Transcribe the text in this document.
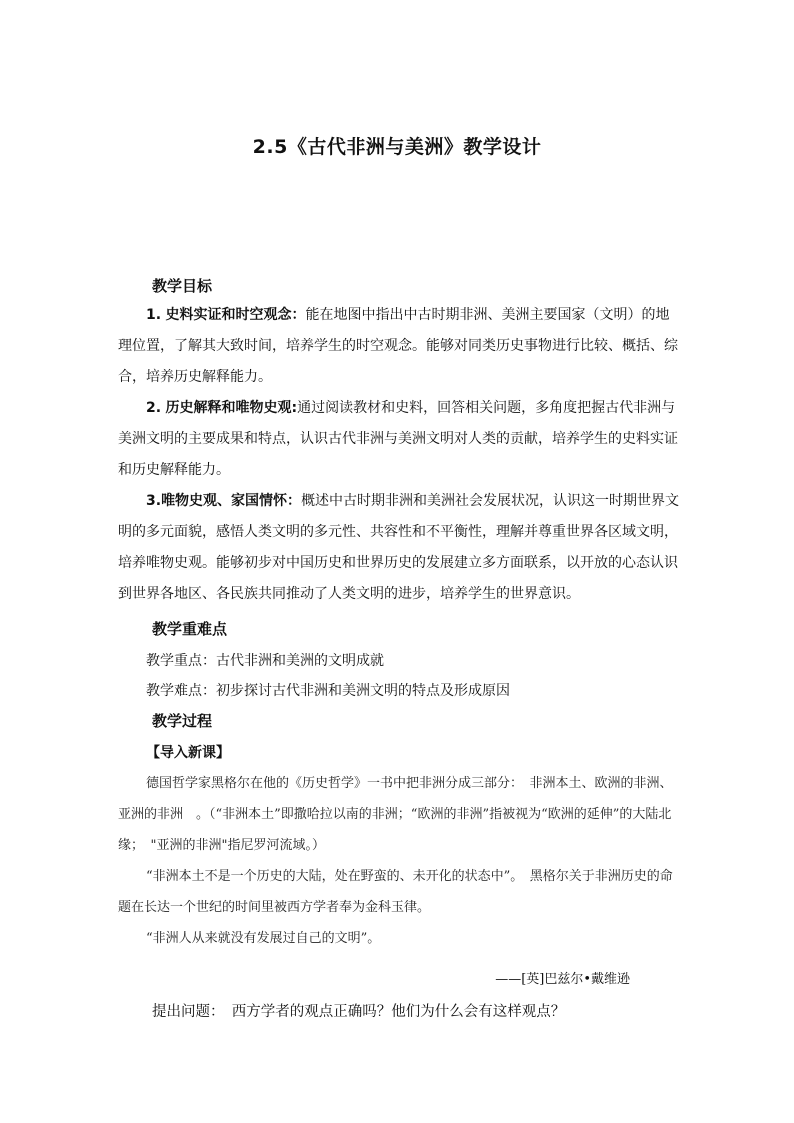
2.5《古代非洲与美洲》教学设计
教学目标
1. 史料实证和时空观念：能在地图中指出中古时期非洲、美洲主要国家（文明）的地理位置，了解其大致时间，培养学生的时空观念。能够对同类历史事物进行比较、概括、综合，培养历史解释能力。
2. 历史解释和唯物史观:通过阅读教材和史料，回答相关问题，多角度把握古代非洲与美洲文明的主要成果和特点，认识古代非洲与美洲文明对人类的贡献，培养学生的史料实证和历史解释能力。
3.唯物史观、家国情怀：概述中古时期非洲和美洲社会发展状况，认识这一时期世界文明的多元面貌，感悟人类文明的多元性、共容性和不平衡性，理解并尊重世界各区域文明，培养唯物史观。能够初步对中国历史和世界历史的发展建立多方面联系，以开放的心态认识到世界各地区、各民族共同推动了人类文明的进步，培养学生的世界意识。
教学重难点
教学重点：古代非洲和美洲的文明成就
教学难点：初步探讨古代非洲和美洲文明的特点及形成原因
教学过程
【导入新课】
德国哲学家黑格尔在他的《历史哲学》一书中把非洲分成三部分：　非洲本土、欧洲的非洲、亚洲的非洲　。（“非洲本土”即撒哈拉以南的非洲；“欧洲的非洲”指被视为“欧洲的延伸”的大陆北缘；　"亚洲的非洲"指尼罗河流域。）
“非洲本土不是一个历史的大陆，处在野蛮的、未开化的状态中”。　黑格尔关于非洲历史的命题在长达一个世纪的时间里被西方学者奉为金科玉律。
“非洲人从来就没有发展过自己的文明”。
——[英]巴兹尔•戴维逊
提出问题：　西方学者的观点正确吗？他们为什么会有这样观点？
